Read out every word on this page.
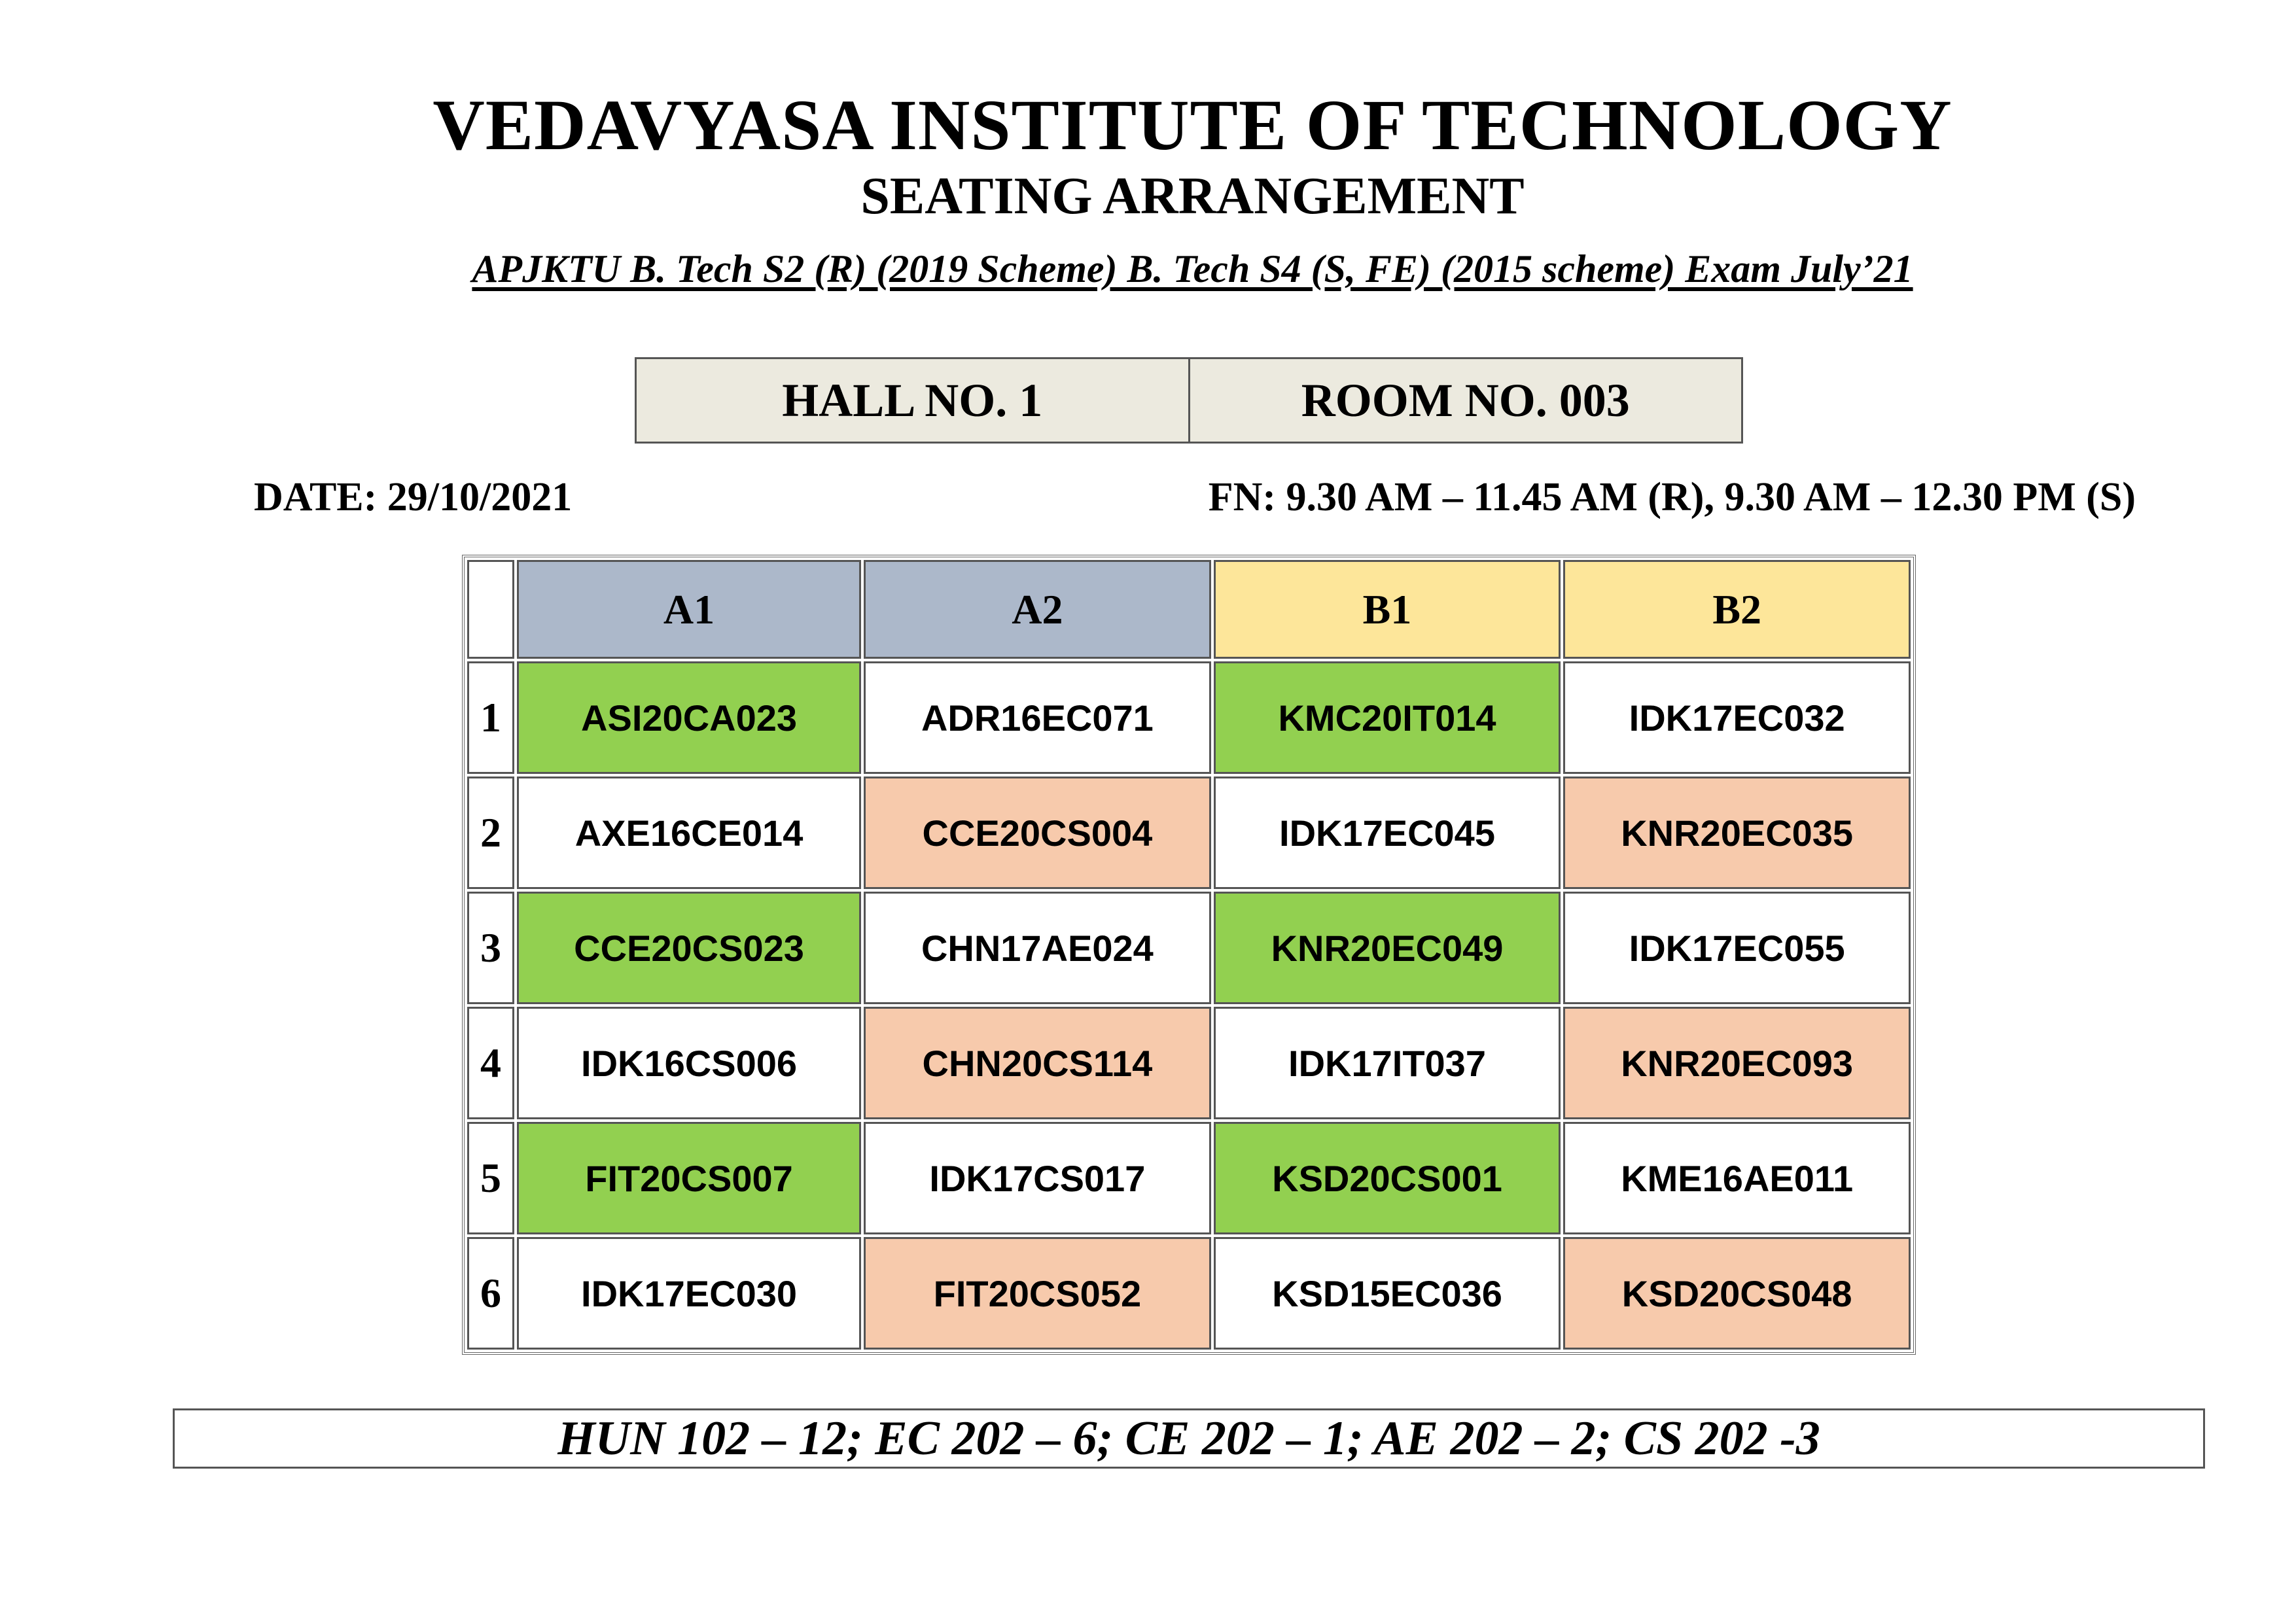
VEDAVYASA INSTITUTE OF TECHNOLOGY
SEATING ARRANGEMENT
APJKTU B. Tech S2 (R) (2019 Scheme) B. Tech S4 (S, FE) (2015 scheme) Exam July’21
HALL NO. 1	ROOM NO. 003
DATE: 29/10/2021	FN: 9.30 AM – 11.45 AM (R), 9.30 AM – 12.30 PM (S)
	A1	A2	B1	B2
1	ASI20CA023	ADR16EC071	KMC20IT014	IDK17EC032
2	AXE16CE014	CCE20CS004	IDK17EC045	KNR20EC035
3	CCE20CS023	CHN17AE024	KNR20EC049	IDK17EC055
4	IDK16CS006	CHN20CS114	IDK17IT037	KNR20EC093
5	FIT20CS007	IDK17CS017	KSD20CS001	KME16AE011
6	IDK17EC030	FIT20CS052	KSD15EC036	KSD20CS048
HUN 102 – 12; EC 202 – 6; CE 202 – 1; AE 202 – 2; CS 202 -3
